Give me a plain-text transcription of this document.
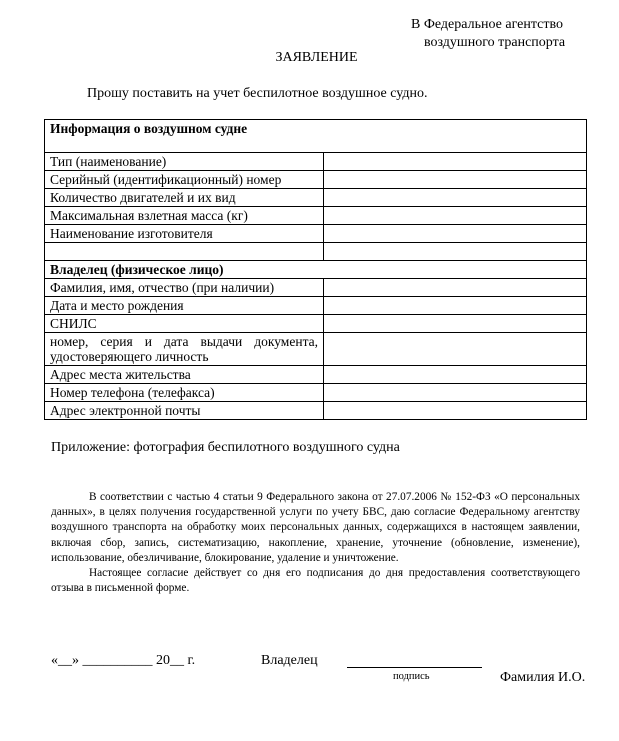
В Федеральное агентство
воздушного транспорта
ЗАЯВЛЕНИЕ
Прошу поставить на учет беспилотное воздушное судно.
Информация о воздушном судне	
Тип (наименование)	
Серийный (идентификационный) номер	
Количество двигателей и их вид	
Максимальная взлетная масса (кг)	
Наименование изготовителя	

Владелец (физическое лицо)	
Фамилия, имя, отчество (при наличии)	
Дата и место рождения	
СНИЛС	
номер, серия и дата выдачи документа, удостоверяющего личность	
Адрес места жительства	
Номер телефона (телефакса)	
Адрес электронной почты	
Приложение: фотография беспилотного воздушного судна

В соответствии с частью 4 статьи 9 Федерального закона от 27.07.2006 № 152-ФЗ «О персональных данных», в целях получения государственной услуги по учету БВС, даю согласие Федеральному агентству воздушного транспорта на обработку моих персональных данных, содержащихся в настоящем заявлении, включая сбор, запись, систематизацию, накопление, хранение, уточнение (обновление, изменение), использование, обезличивание, блокирование, удаление и уничтожение.

Настоящее согласие действует со дня его подписания до дня предоставления соответствующего отзыва в письменной форме.

«__» __________ 20__ г.	Владелец
подпись	Фамилия И.О.
